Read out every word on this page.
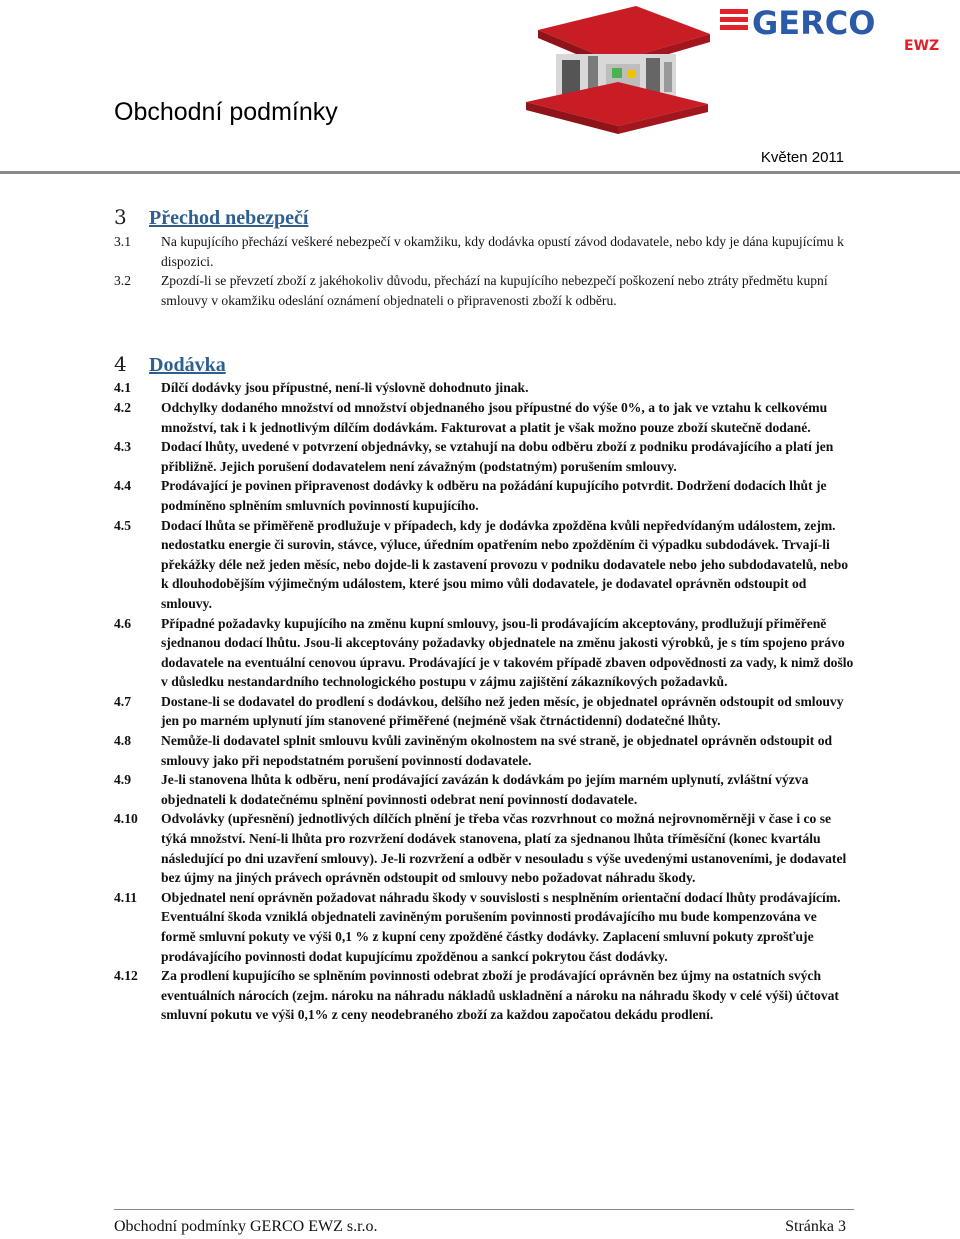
GERCO
EWZ
Obchodní podmínky
Květen 2011
3	Přechod nebezpečí
3.1	Na kupujícího přechází veškeré nebezpečí v okamžiku, kdy dodávka opustí závod dodavatele, nebo kdy je dána kupujícímu k dispozici.
3.2	Zpozdí-li se převzetí zboží z jakéhokoliv důvodu, přechází na kupujícího nebezpečí poškození nebo ztráty předmětu kupní smlouvy v okamžiku odeslání oznámení objednateli o připravenosti zboží k odběru.
4	Dodávka
4.1	Dílčí dodávky jsou přípustné, není-li výslovně dohodnuto jinak.
4.2	Odchylky dodaného množství od množství objednaného jsou přípustné do výše 0%, a to jak ve vztahu k celkovému množství, tak i k jednotlivým dílčím dodávkám. Fakturovat a platit je však možno pouze zboží skutečně dodané.
4.3	Dodací lhůty, uvedené v potvrzení objednávky, se vztahují na dobu odběru zboží z podniku prodávajícího a platí jen přibližně. Jejich porušení dodavatelem není závažným (podstatným) porušením smlouvy.
4.4	Prodávající je povinen připravenost dodávky k odběru na požádání kupujícího potvrdit. Dodržení dodacích lhůt je podmíněno splněním smluvních povinností kupujícího.
4.5	Dodací lhůta se přiměřeně prodlužuje v případech, kdy je dodávka zpožděna kvůli nepředvídaným událostem, zejm. nedostatku energie či surovin, stávce, výluce, úředním opatřením nebo zpožděním či výpadku subdodávek. Trvají-li překážky déle než jeden měsíc, nebo dojde-li k zastavení provozu v podniku dodavatele nebo jeho subdodavatelů, nebo k dlouhodobějším výjimečným událostem, které jsou mimo vůli dodavatele, je dodavatel oprávněn odstoupit od smlouvy.
4.6	Případné požadavky kupujícího na změnu kupní smlouvy, jsou-li prodávajícím akceptovány, prodlužují přiměřeně sjednanou dodací lhůtu. Jsou-li akceptovány požadavky objednatele na změnu jakosti výrobků, je s tím spojeno právo dodavatele na eventuální cenovou úpravu. Prodávající je v takovém případě zbaven odpovědnosti za vady, k nimž došlo v důsledku nestandardního technologického postupu v zájmu zajištění zákazníkových požadavků.
4.7	Dostane-li se dodavatel do prodlení s dodávkou, delšího než jeden měsíc, je objednatel oprávněn odstoupit od smlouvy jen po marném uplynutí jím stanovené přiměřené (nejméně však čtrnáctidenní) dodatečné lhůty.
4.8	Nemůže-li dodavatel splnit smlouvu kvůli zaviněným okolnostem na své straně, je objednatel oprávněn odstoupit od smlouvy jako při nepodstatném porušení povinností dodavatele.
4.9	Je-li stanovena lhůta k odběru, není prodávající zavázán k dodávkám po jejím marném uplynutí, zvláštní výzva objednateli k dodatečnému splnění povinnosti odebrat není povinností dodavatele.
4.10	Odvolávky (upřesnění) jednotlivých dílčích plnění je třeba včas rozvrhnout co možná nejrovnoměrněji v čase i co se týká množství. Není-li lhůta pro rozvržení dodávek stanovena, platí za sjednanou lhůta tříměsíční (konec kvartálu následující po dni uzavření smlouvy). Je-li rozvržení a odběr v nesouladu s výše uvedenými ustanoveními, je dodavatel bez újmy na jiných právech oprávněn odstoupit od smlouvy nebo požadovat náhradu škody.
4.11	Objednatel není oprávněn požadovat náhradu škody v souvislosti s nesplněním orientační dodací lhůty prodávajícím. Eventuální škoda vzniklá objednateli zaviněným porušením povinnosti prodávajícího mu bude kompenzována ve formě smluvní pokuty ve výši 0,1 % z kupní ceny zpožděné částky dodávky. Zaplacení smluvní pokuty zprošťuje prodávajícího povinnosti dodat kupujícímu zpožděnou a sankcí pokrytou část dodávky.
4.12	Za prodlení kupujícího se splněním povinnosti odebrat zboží je prodávající oprávněn bez újmy na ostatních svých eventuálních nárocích (zejm. nároku na náhradu nákladů uskladnění a nároku na náhradu škody v celé výši) účtovat smluvní pokutu ve výši 0,1% z ceny neodebraného zboží za každou započatou dekádu prodlení.
Obchodní podmínky GERCO EWZ s.r.o.	Stránka 3
